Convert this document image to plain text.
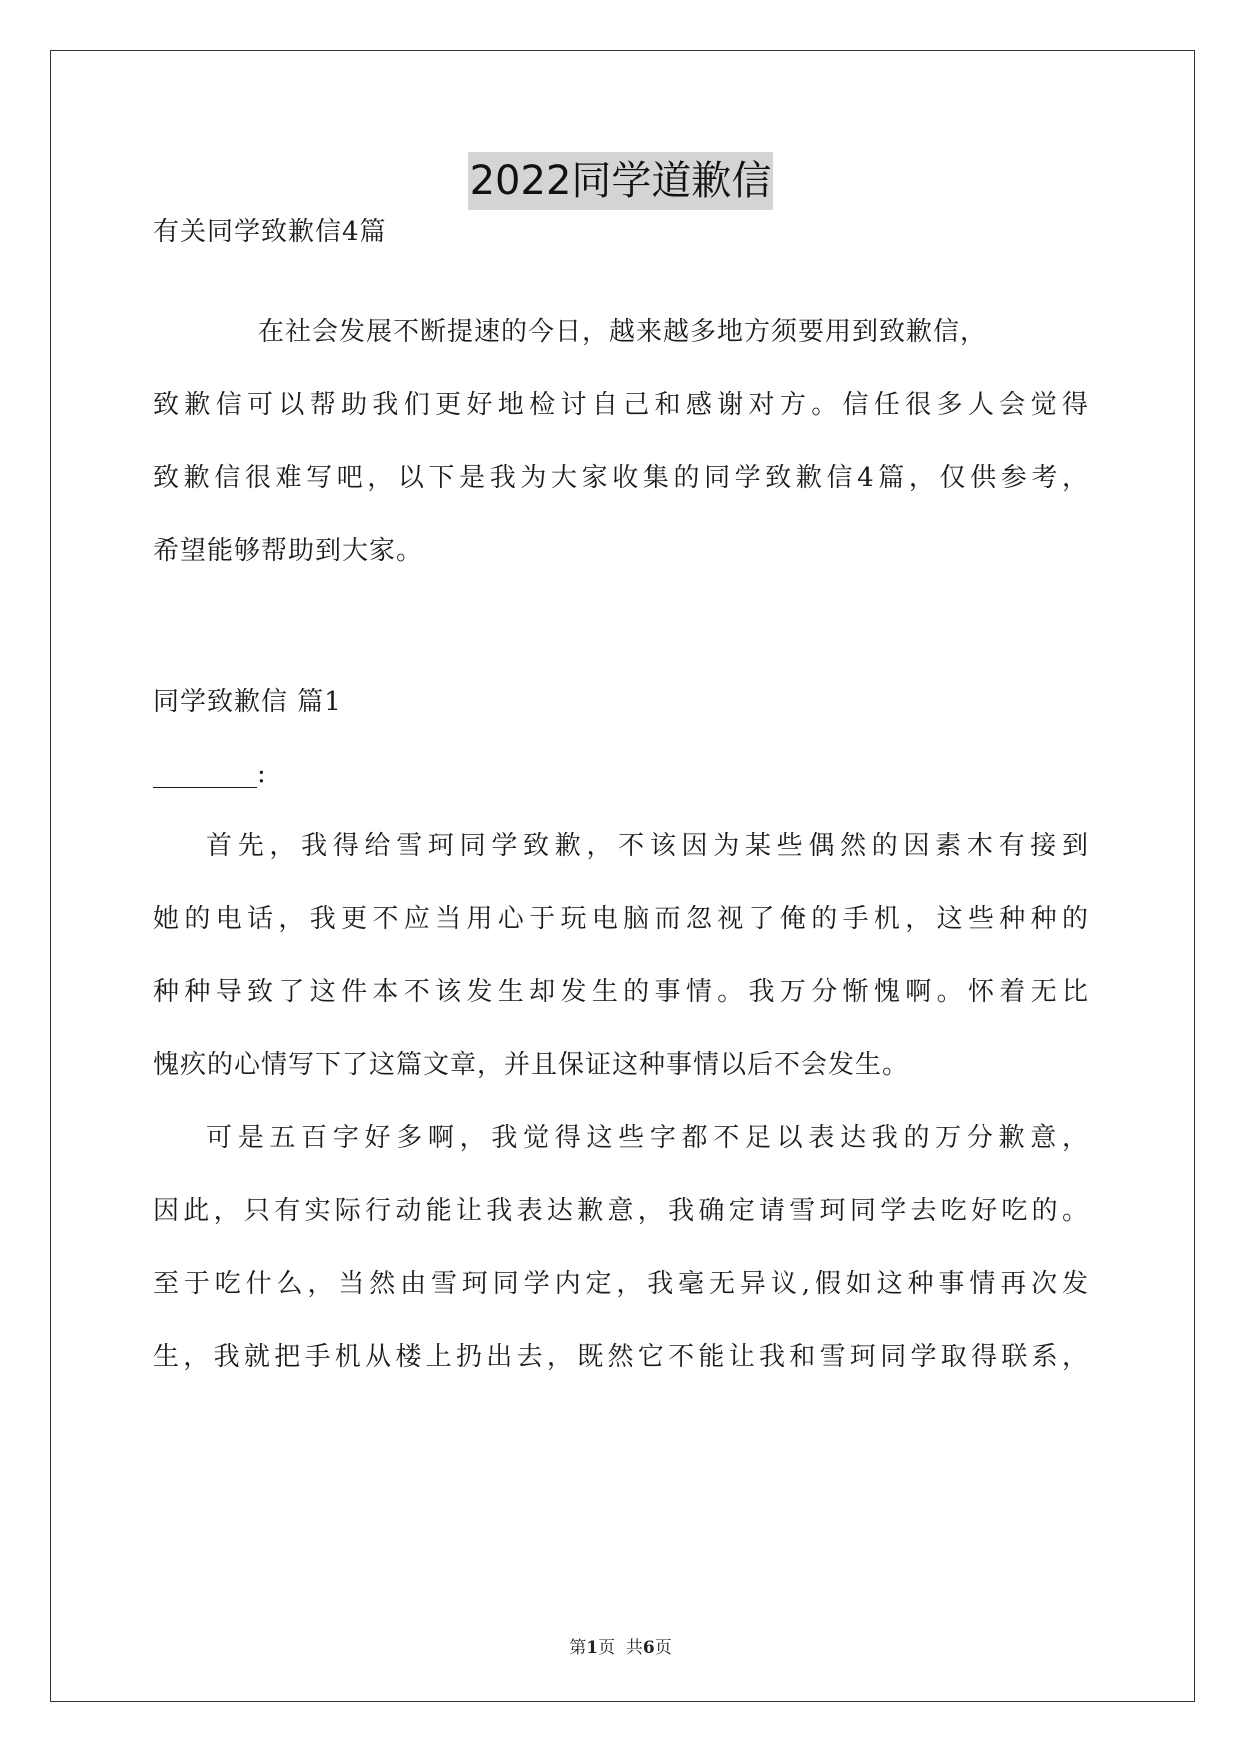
2022同学道歉信
有关同学致歉信4篇
在社会发展不断提速的今日，越来越多地方须要用到致歉信，
致歉信可以帮助我们更好地检讨自己和感谢对方。信任很多人会觉得
致歉信很难写吧，以下是我为大家收集的同学致歉信4篇，仅供参考，
希望能够帮助到大家。
同学致歉信 篇1
________:
首先，我得给雪珂同学致歉，不该因为某些偶然的因素木有接到
她的电话，我更不应当用心于玩电脑而忽视了俺的手机，这些种种的
种种导致了这件本不该发生却发生的事情。我万分惭愧啊。怀着无比
愧疚的心情写下了这篇文章，并且保证这种事情以后不会发生。
可是五百字好多啊，我觉得这些字都不足以表达我的万分歉意，
因此，只有实际行动能让我表达歉意，我确定请雪珂同学去吃好吃的。
至于吃什么，当然由雪珂同学内定，我毫无异议,假如这种事情再次发
生，我就把手机从楼上扔出去，既然它不能让我和雪珂同学取得联系，
第1页  共6页
